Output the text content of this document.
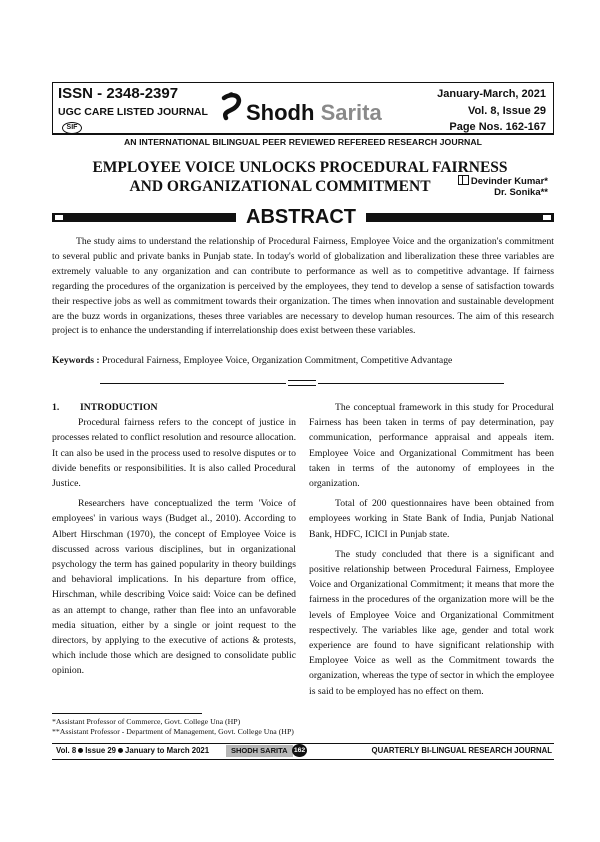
ISSN - 2348-2397
UGC CARE LISTED JOURNAL
SIF
Shodh Sarita
January-March, 2021
Vol. 8, Issue 29
Page Nos. 162-167
AN INTERNATIONAL BILINGUAL PEER REVIEWED REFEREED RESEARCH JOURNAL
EMPLOYEE VOICE UNLOCKS PROCEDURAL FAIRNESS
AND ORGANIZATIONAL COMMITMENT	Devinder Kumar*
Dr. Sonika**
ABSTRACT

The study aims to understand the relationship of Procedural Fairness, Employee Voice and the organization's commitment to several public and private banks in Punjab state. In today's world of globalization and liberalization these three variables are extremely valuable to any organization and can contribute to performance as well as to competitive advantage. If fairness regarding the procedures of the organization is perceived by the employees, they tend to develop a sense of satisfaction towards their respective jobs as well as commitment towards their organization. The times when innovation and sustainable development are the buzz words in organizations, theses three variables are necessary to develop human resources. The aim of this research project is to enhance the understanding if interrelationship does exist between these variables.

Keywords : Procedural Fairness, Employee Voice, Organization Commitment, Competitive Advantage

1. INTRODUCTION

Procedural fairness refers to the concept of justice in processes related to conflict resolution and resource allocation. It can also be used in the process used to resolve disputes or to divide benefits or responsibilities. It is also called Procedural Justice.

Researchers have conceptualized the term 'Voice of employees' in various ways (Budget al., 2010). According to Albert Hirschman (1970), the concept of Employee Voice is discussed across various disciplines, but in organizational psychology the term has gained popularity in theory buildings and behavioral implications. In his departure from office, Hirschman, while describing Voice said: Voice can be defined as an attempt to change, rather than flee into an unfavorable media situation, either by a single or joint request to the directors, by applying to the executive of actions & protests, which include those which are designed to consolidate public opinion.

The conceptual framework in this study for Procedural Fairness has been taken in terms of pay determination, pay communication, performance appraisal and appeals item. Employee Voice and Organizational Commitment has been taken in terms of the autonomy of employees in the organization.

Total of 200 questionnaires have been obtained from employees working in State Bank of India, Punjab National Bank, HDFC, ICICI in Punjab state.

The study concluded that there is a significant and positive relationship between Procedural Fairness, Employee Voice and Organizational Commitment; it means that more the fairness in the procedures of the organization more will be the levels of Employee Voice and Organizational Commitment respectively. The variables like age, gender and total work experience are found to have significant relationship with Employee Voice as well as the Commitment towards the organization, whereas the type of sector in which the employee is said to be employed has no effect on them.

*Assistant Professor of Commerce, Govt. College Una (HP)
**Assistant Professor - Department of Management, Govt. College Una (HP)
Vol. 8 Issue 29 January to March 2021	SHODH SARITA 162	QUARTERLY BI-LINGUAL RESEARCH JOURNAL
